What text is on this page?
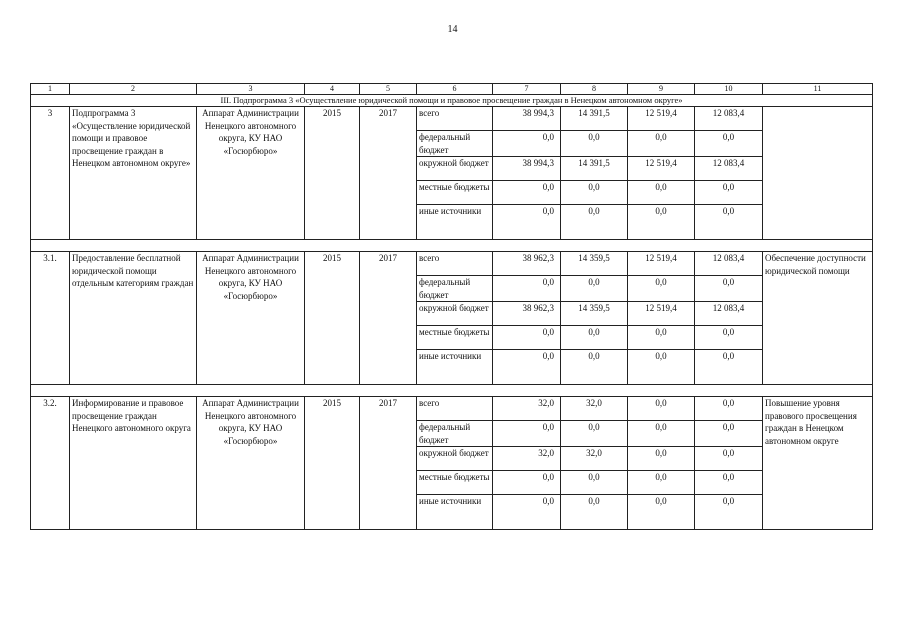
14
1	2	3	4	5	6	7	8	9	10	11
III. Подпрограмма 3 «Осуществление юридической помощи и правовое просвещение граждан в Ненецком автономном округе»										
3	Подпрограмма 3 «Осуществление юридической помощи и правовое просвещение граждан в Ненецком автономном округе»	Аппарат Администрации Ненецкого автономного округа, КУ НАО «Госюрбюро»	2015	2017	всего	38 994,3	14 391,5	12 519,4	12 083,4	
					федеральный бюджет	0,0	0,0	0,0	0,0	
					окружной бюджет	38 994,3	14 391,5	12 519,4	12 083,4	
					местные бюджеты	0,0	0,0	0,0	0,0	
					иные источники	0,0	0,0	0,0	0,0	

3.1.	Предоставление бесплатной юридической помощи отдельным категориям граждан	Аппарат Администрации Ненецкого автономного округа, КУ НАО «Госюрбюро»	2015	2017	всего	38 962,3	14 359,5	12 519,4	12 083,4	Обеспечение доступности юридической помощи
					федеральный бюджет	0,0	0,0	0,0	0,0	
					окружной бюджет	38 962,3	14 359,5	12 519,4	12 083,4	
					местные бюджеты	0,0	0,0	0,0	0,0	
					иные источники	0,0	0,0	0,0	0,0	

3.2.	Информирование и правовое просвещение граждан Ненецкого автономного округа	Аппарат Администрации Ненецкого автономного округа, КУ НАО «Госюрбюро»	2015	2017	всего	32,0	32,0	0,0	0,0	Повышение уровня правового просвещения граждан в Ненецком автономном округе
					федеральный бюджет	0,0	0,0	0,0	0,0	
					окружной бюджет	32,0	32,0	0,0	0,0	
					местные бюджеты	0,0	0,0	0,0	0,0	
					иные источники	0,0	0,0	0,0	0,0	
